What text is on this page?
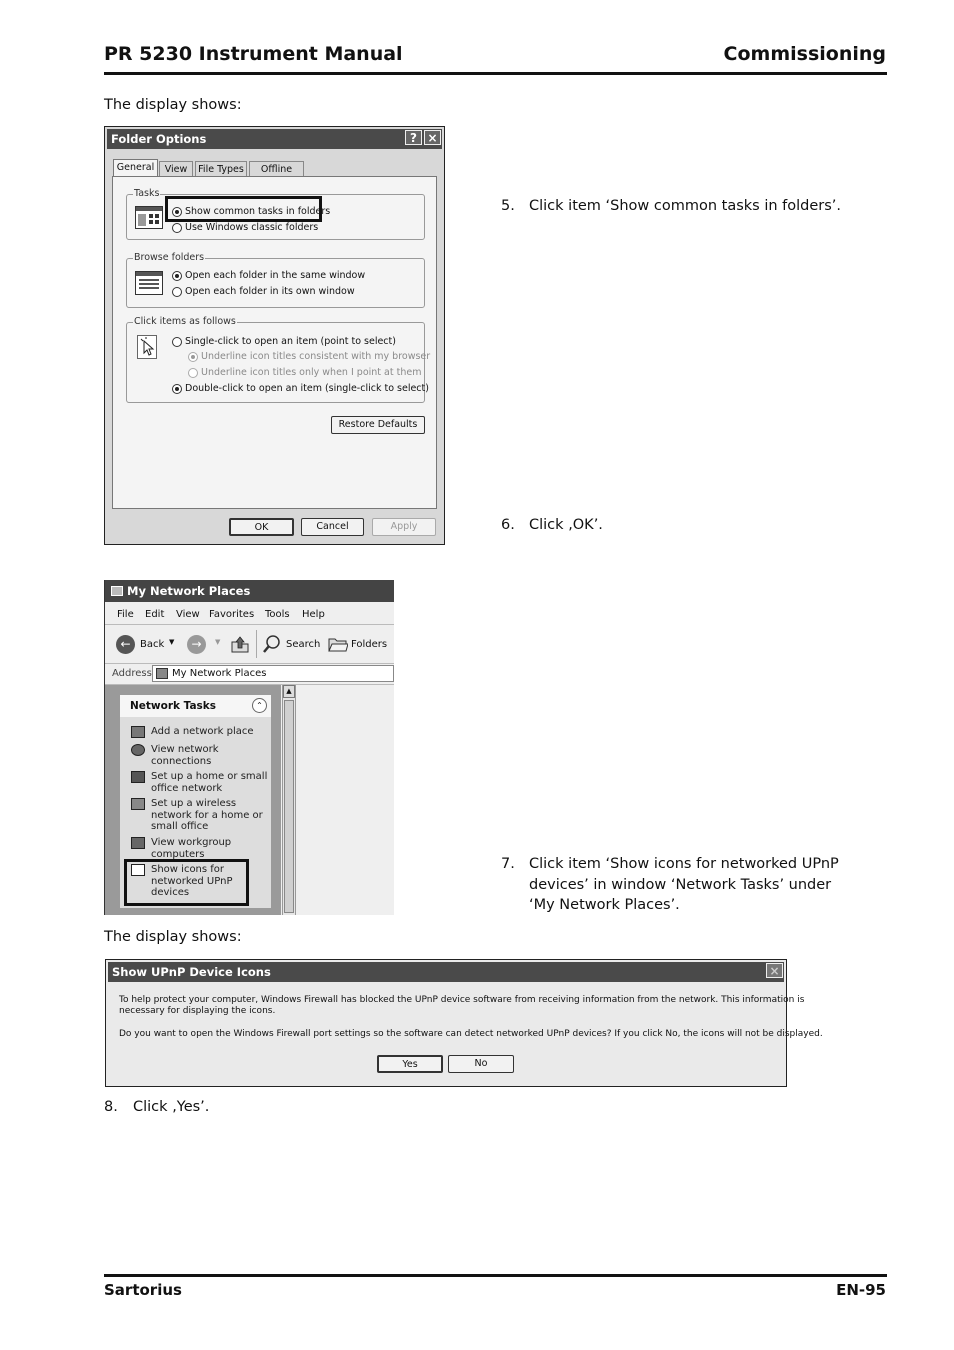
PR 5230 Instrument Manual	Commissioning
The display shows:
Folder Options	? ×
General	View	File Types	Offline
Tasks
Show common tasks in folders
Use Windows classic folders
Browse folders
Open each folder in the same window
Open each folder in its own window
Click items as follows
Single-click to open an item (point to select)
Underline icon titles consistent with my browser
Underline icon titles only when I point at them
Double-click to open an item (single-click to select)
Restore Defaults
OK	Cancel	Apply
5. Click item ‘Show common tasks in folders’.
6. Click ‚OK’.
My Network Places
File Edit View Favorites Tools Help
← Back ▼	→	▼	Search	Folders
Address My Network Places
▲
Network Tasks	⌃
Add a network place
View network
connections
Set up a home or small
office network
Set up a wireless
network for a home or
small office
View workgroup
computers
Show icons for
networked UPnP
devices
7. Click item ‘Show icons for networked UPnP
devices’ in window ‘Network Tasks’ under
‘My Network Places’.
The display shows:
Show UPnP Device Icons	×
To help protect your computer, Windows Firewall has blocked the UPnP device software from receiving information from the network. This information is
necessary for displaying the icons.
Do you want to open the Windows Firewall port settings so the software can detect networked UPnP devices? If you click No, the icons will not be displayed.
Yes	No
8. Click ‚Yes’.
Sartorius	EN-95
